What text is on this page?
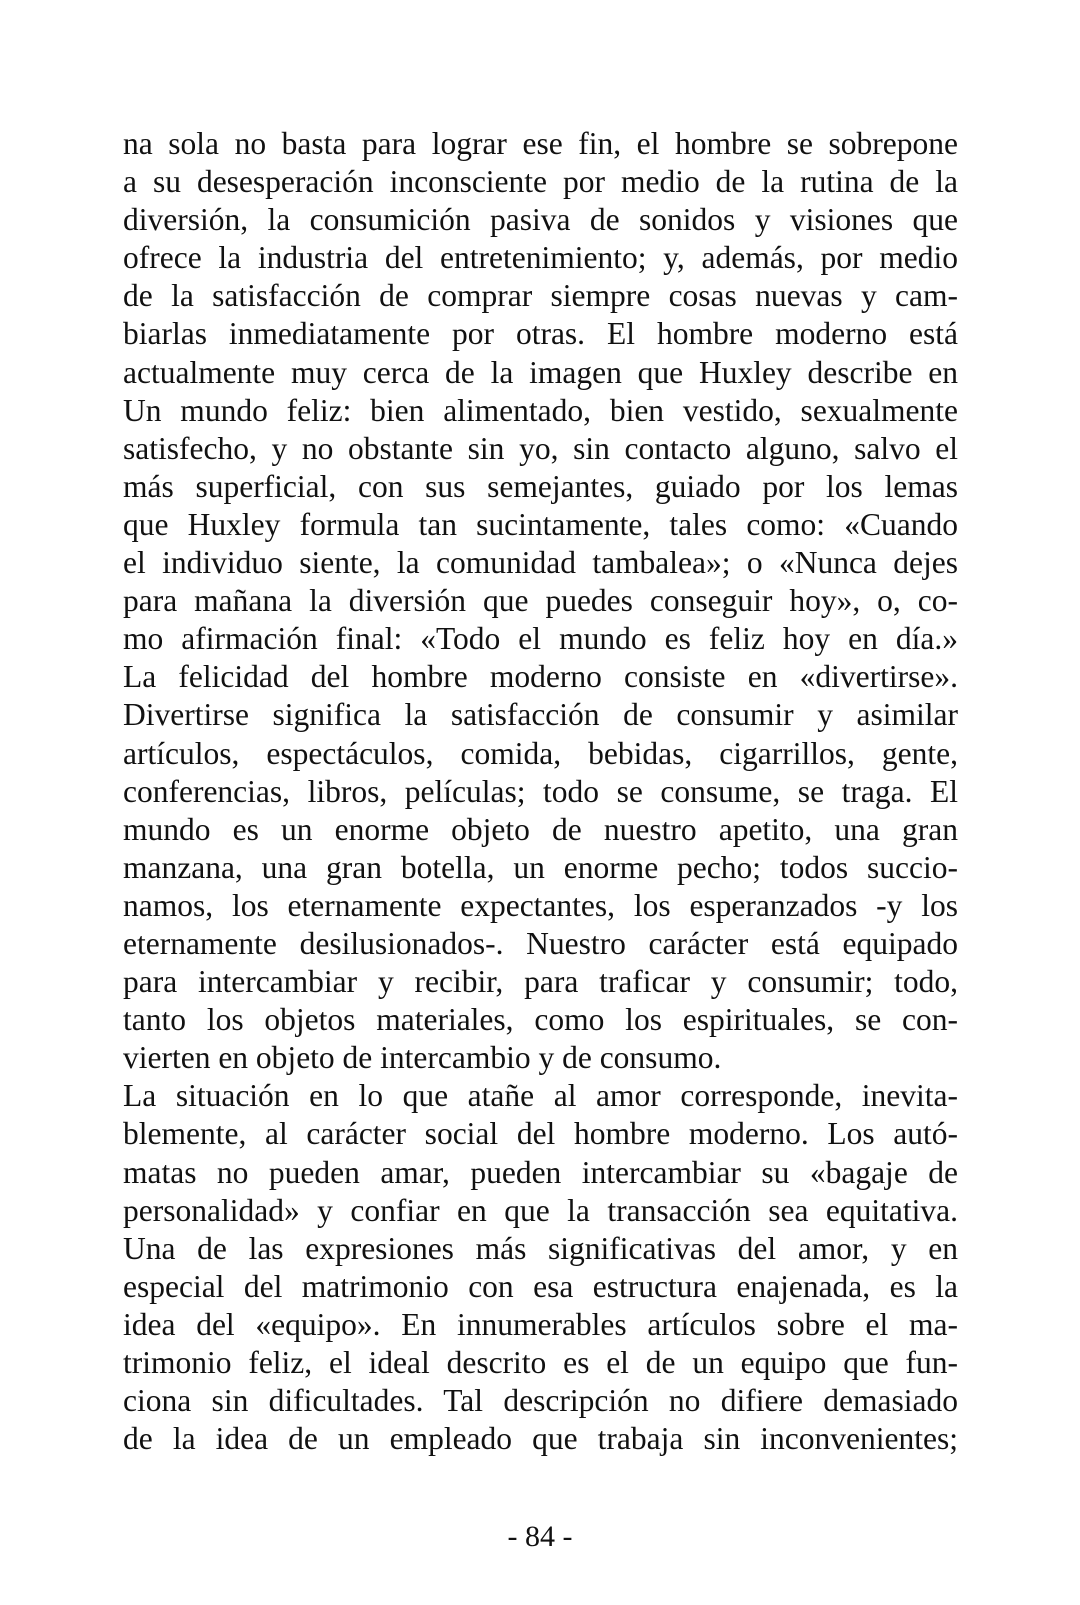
na sola no basta para lograr ese fin, el hombre se sobrepone
a su desesperación inconsciente por medio de la rutina de la
diversión, la consumición pasiva de sonidos y visiones que
ofrece la industria del entretenimiento; y, además, por medio
de la satisfacción de comprar siempre cosas nuevas y cam-
biarlas inmediatamente por otras. El hombre moderno está
actualmente muy cerca de la imagen que Huxley describe en
Un mundo feliz: bien alimentado, bien vestido, sexualmente
satisfecho, y no obstante sin yo, sin contacto alguno, salvo el
más superficial, con sus semejantes, guiado por los lemas
que Huxley formula tan sucintamente, tales como: «Cuando
el individuo siente, la comunidad tambalea»; o «Nunca dejes
para mañana la diversión que puedes conseguir hoy», o, co-
mo afirmación final: «Todo el mundo es feliz hoy en día.»
La felicidad del hombre moderno consiste en «divertirse».
Divertirse significa la satisfacción de consumir y asimilar
artículos, espectáculos, comida, bebidas, cigarrillos, gente,
conferencias, libros, películas; todo se consume, se traga. El
mundo es un enorme objeto de nuestro apetito, una gran
manzana, una gran botella, un enorme pecho; todos succio-
namos, los eternamente expectantes, los esperanzados -y los
eternamente desilusionados-. Nuestro carácter está equipado
para intercambiar y recibir, para traficar y consumir; todo,
tanto los objetos materiales, como los espirituales, se con-
vierten en objeto de intercambio y de consumo.
La situación en lo que atañe al amor corresponde, inevita-
blemente, al carácter social del hombre moderno. Los autó-
matas no pueden amar, pueden intercambiar su «bagaje de
personalidad» y confiar en que la transacción sea equitativa.
Una de las expresiones más significativas del amor, y en
especial del matrimonio con esa estructura enajenada, es la
idea del «equipo». En innumerables artículos sobre el ma-
trimonio feliz, el ideal descrito es el de un equipo que fun-
ciona sin dificultades. Tal descripción no difiere demasiado
de la idea de un empleado que trabaja sin inconvenientes;
- 84 -
